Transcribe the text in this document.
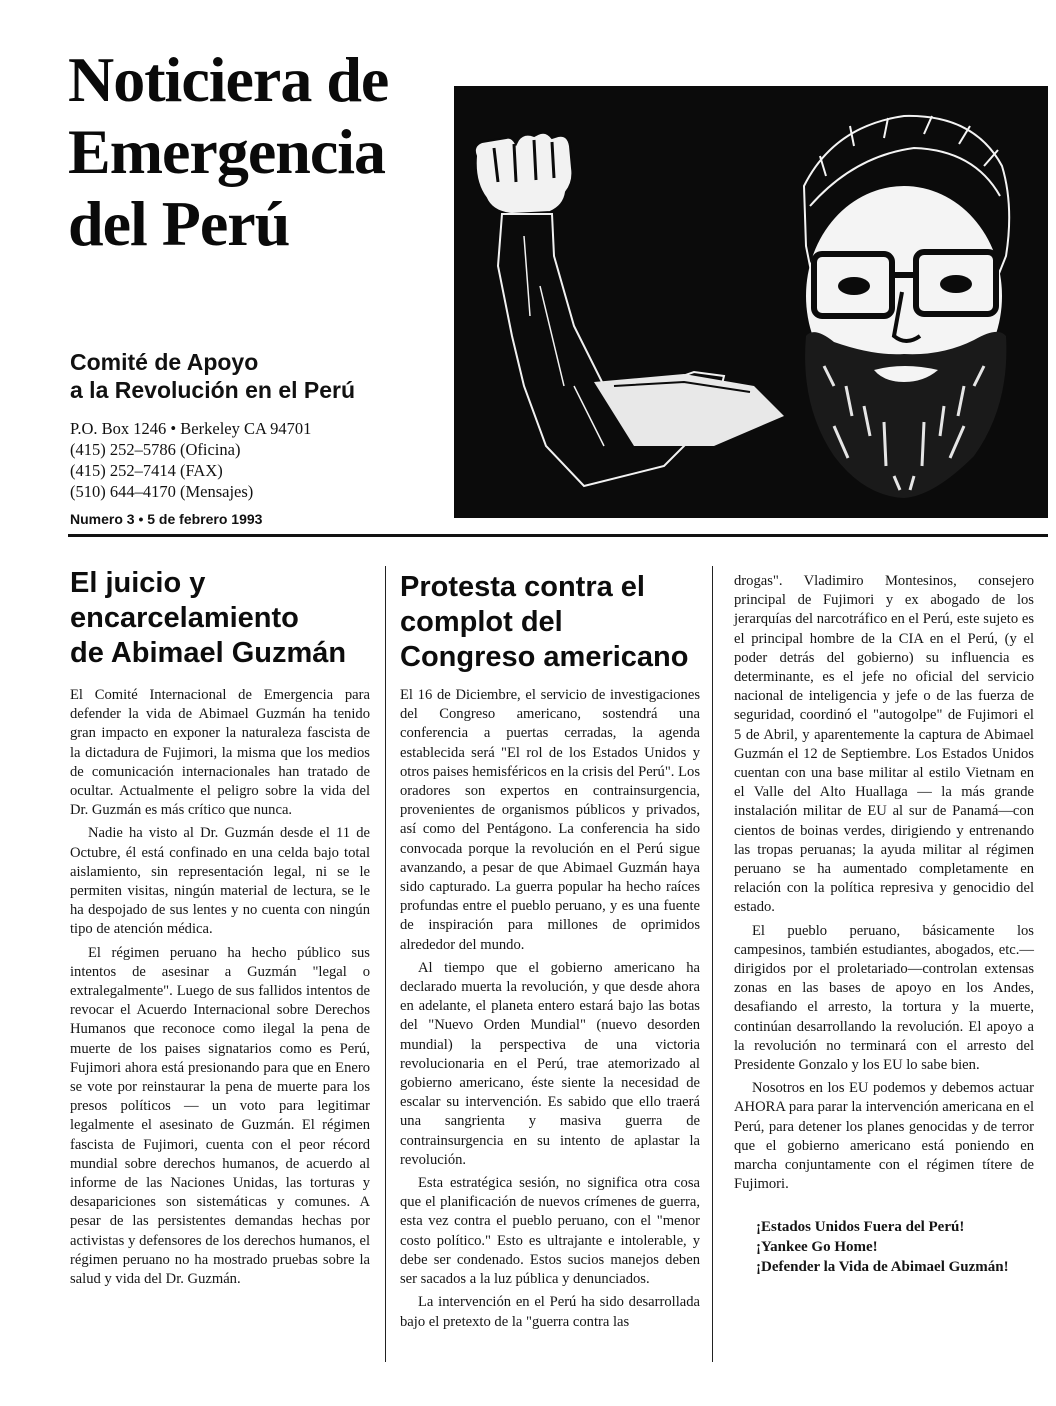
Noticiera de
Emergencia
del Perú
Comité de Apoyo
a la Revolución en el Perú
P.O. Box 1246 • Berkeley CA 94701
(415) 252–5786 (Oficina)
(415) 252–7414 (FAX)
(510) 644–4170 (Mensajes)
Numero 3 • 5 de febrero 1993
El juicio y
encarcelamiento
de Abimael Guzmán

El Comité Internacional de Emergencia para defender la vida de Abimael Guzmán ha tenido gran impacto en exponer la naturaleza fascista de la dictadura de Fujimori, la misma que los medios de comunicación internacionales han tratado de ocultar. Actualmente el peligro sobre la vida del Dr. Guzmán es más crítico que nunca.

Nadie ha visto al Dr. Guzmán desde el 11 de Octubre, él está confinado en una celda bajo total aislamiento, sin representación legal, ni se le permiten visitas, ningún material de lectura, se le ha despojado de sus lentes y no cuenta con ningún tipo de atención médica.

El régimen peruano ha hecho público sus intentos de asesinar a Guzmán "legal o extralegalmente". Luego de sus fallidos intentos de revocar el Acuerdo Internacional sobre Derechos Humanos que reconoce como ilegal la pena de muerte de los paises signatarios como es Perú, Fujimori ahora está presionando para que en Enero se vote por reinstaurar la pena de muerte para los presos políticos — un voto para legitimar legalmente el asesinato de Guzmán. El régimen fascista de Fujimori, cuenta con el peor récord mundial sobre derechos humanos, de acuerdo al informe de las Naciones Unidas, las torturas y desapariciones son sistemáticas y comunes. A pesar de las persistentes demandas hechas por activistas y defensores de los derechos humanos, el régimen peruano no ha mostrado pruebas sobre la salud y vida del Dr. Guzmán.

Protesta contra el
complot del
Congreso americano

El 16 de Diciembre, el servicio de investigaciones del Congreso americano, sostendrá una conferencia a puertas cerradas, la agenda establecida será "El rol de los Estados Unidos y otros paises hemisféricos en la crisis del Perú". Los oradores son expertos en contrainsurgencia, provenientes de organismos públicos y privados, así como del Pentágono. La conferencia ha sido convocada porque la revolución en el Perú sigue avanzando, a pesar de que Abimael Guzmán haya sido capturado. La guerra popular ha hecho raíces profundas entre el pueblo peruano, y es una fuente de inspiración para millones de oprimidos alrededor del mundo.

Al tiempo que el gobierno americano ha declarado muerta la revolución, y que desde ahora en adelante, el planeta entero estará bajo las botas del "Nuevo Orden Mundial" (nuevo desorden mundial) la perspectiva de una victoria revolucionaria en el Perú, trae atemorizado al gobierno americano, éste siente la necesidad de escalar su intervención. Es sabido que ello traerá una sangrienta y masiva guerra de contrainsurgencia en su intento de aplastar la revolución.

Esta estratégica sesión, no significa otra cosa que el planificación de nuevos crímenes de guerra, esta vez contra el pueblo peruano, con el "menor costo político." Esto es ultrajante e intolerable, y debe ser condenado. Estos sucios manejos deben ser sacados a la luz pública y denunciados.

La intervención en el Perú ha sido desarrollada bajo el pretexto de la "guerra contra las

drogas". Vladimiro Montesinos, consejero principal de Fujimori y ex abogado de los jerarquías del narcotráfico en el Perú, este sujeto es el principal hombre de la CIA en el Perú, (y el poder detrás del gobierno) su influencia es determinante, es el jefe no oficial del servicio nacional de inteligencia y jefe o de las fuerza de seguridad, coordinó el "autogolpe" de Fujimori el 5 de Abril, y aparentemente la captura de Abimael Guzmán el 12 de Septiembre. Los Estados Unidos cuentan con una base militar al estilo Vietnam en el Valle del Alto Huallaga — la más grande instalación militar de EU al sur de Panamá—con cientos de boinas verdes, dirigiendo y entrenando las tropas peruanas; la ayuda militar al régimen peruano se ha aumentado completamente en relación con la política represiva y genocidio del estado.

El pueblo peruano, básicamente los campesinos, también estudiantes, abogados, etc.— dirigidos por el proletariado—controlan extensas zonas en las bases de apoyo en los Andes, desafiando el arresto, la tortura y la muerte, continúan desarrollando la revolución. El apoyo a la revolución no terminará con el arresto del Presidente Gonzalo y los EU lo sabe bien.

Nosotros en los EU podemos y debemos actuar AHORA para parar la intervención americana en el Perú, para detener los planes genocidas y de terror que el gobierno americano está poniendo en marcha conjuntamente con el régimen títere de Fujimori.

¡Estados Unidos Fuera del Perú!
¡Yankee Go Home!
¡Defender la Vida de Abimael Guzmán!
